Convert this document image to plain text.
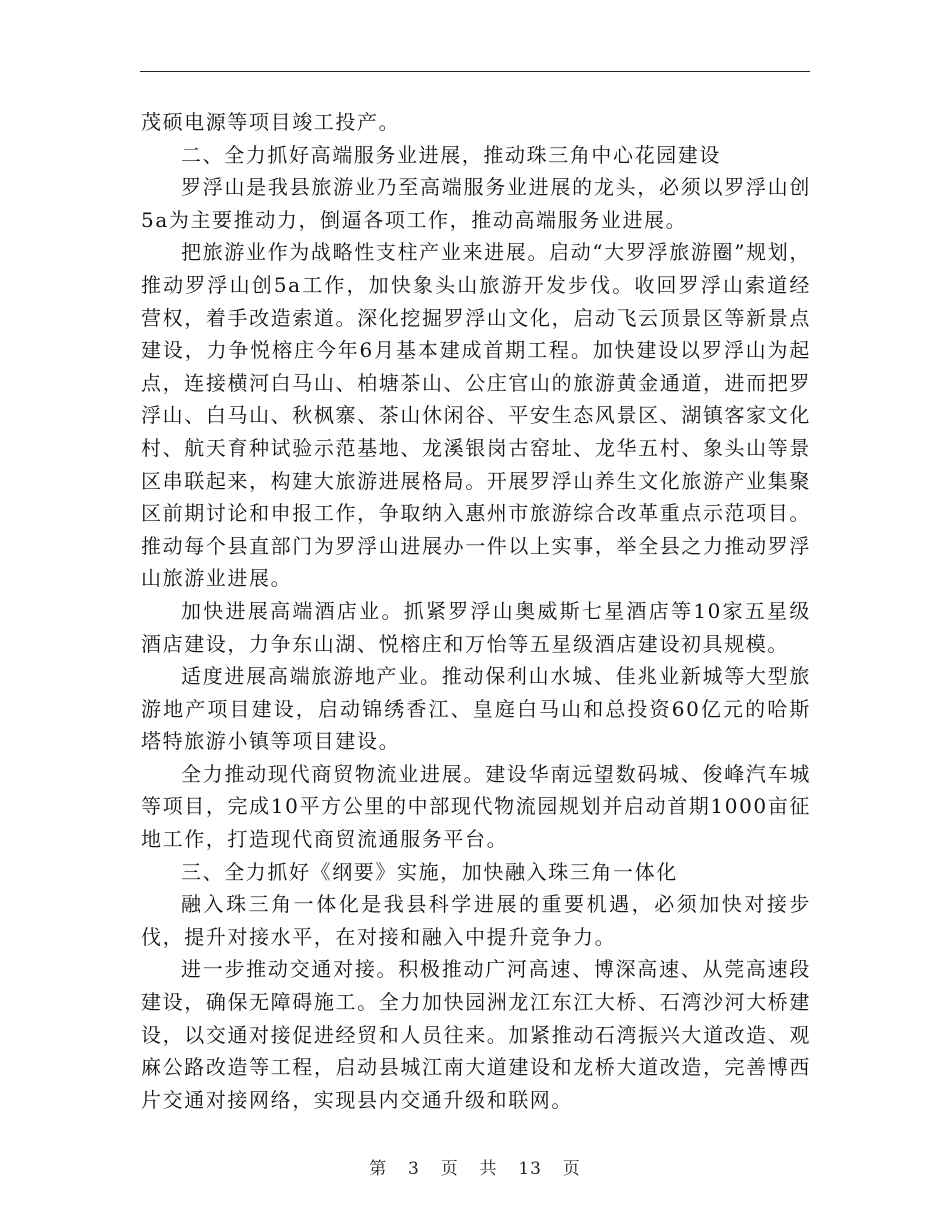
茂硕电源等项目竣工投产。

二、全力抓好高端服务业进展，推动珠三角中心花园建设

罗浮山是我县旅游业乃至高端服务业进展的龙头，必须以罗浮山创5a为主要推动力，倒逼各项工作，推动高端服务业进展。

把旅游业作为战略性支柱产业来进展。启动“大罗浮旅游圈”规划，推动罗浮山创5a工作，加快象头山旅游开发步伐。收回罗浮山索道经营权，着手改造索道。深化挖掘罗浮山文化，启动飞云顶景区等新景点建设，力争悦榕庄今年6月基本建成首期工程。加快建设以罗浮山为起点，连接横河白马山、柏塘茶山、公庄官山的旅游黄金通道，进而把罗浮山、白马山、秋枫寨、茶山休闲谷、平安生态风景区、湖镇客家文化村、航天育种试验示范基地、龙溪银岗古窑址、龙华五村、象头山等景区串联起来，构建大旅游进展格局。开展罗浮山养生文化旅游产业集聚区前期讨论和申报工作，争取纳入惠州市旅游综合改革重点示范项目。推动每个县直部门为罗浮山进展办一件以上实事，举全县之力推动罗浮山旅游业进展。

加快进展高端酒店业。抓紧罗浮山奥威斯七星酒店等10家五星级酒店建设，力争东山湖、悦榕庄和万怡等五星级酒店建设初具规模。

适度进展高端旅游地产业。推动保利山水城、佳兆业新城等大型旅游地产项目建设，启动锦绣香江、皇庭白马山和总投资60亿元的哈斯塔特旅游小镇等项目建设。

全力推动现代商贸物流业进展。建设华南远望数码城、俊峰汽车城等项目，完成10平方公里的中部现代物流园规划并启动首期1000亩征地工作，打造现代商贸流通服务平台。

三、全力抓好《纲要》实施，加快融入珠三角一体化

融入珠三角一体化是我县科学进展的重要机遇，必须加快对接步伐，提升对接水平，在对接和融入中提升竞争力。

进一步推动交通对接。积极推动广河高速、博深高速、从莞高速段建设，确保无障碍施工。全力加快园洲龙江东江大桥、石湾沙河大桥建设，以交通对接促进经贸和人员往来。加紧推动石湾振兴大道改造、观麻公路改造等工程，启动县城江南大道建设和龙桥大道改造，完善博西片交通对接网络，实现县内交通升级和联网。

第 3 页 共 13 页
